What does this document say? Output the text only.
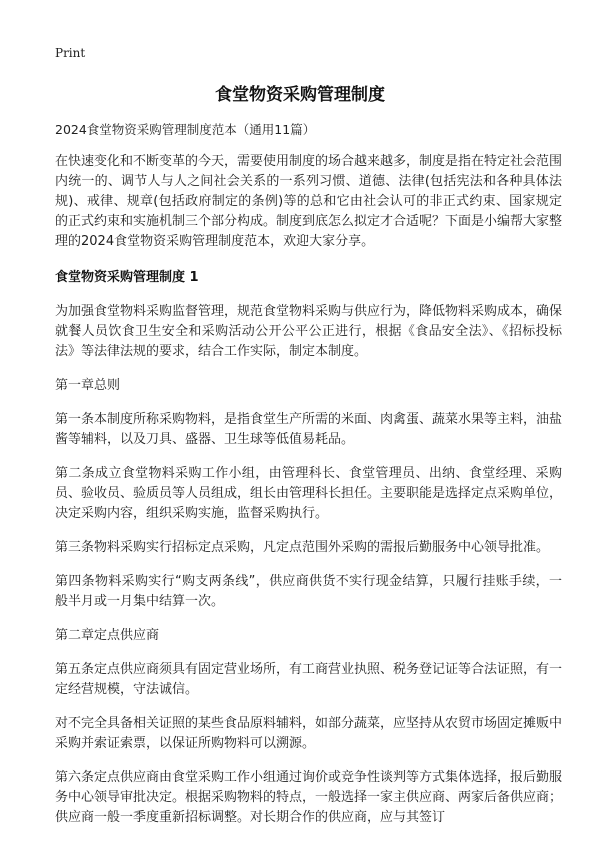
Print
食堂物资采购管理制度
2024食堂物资采购管理制度范本（通用11篇）

在快速变化和不断变革的今天，需要使用制度的场合越来越多，制度是指在特定社会范围内统一的、调节人与人之间社会关系的一系列习惯、道德、法律(包括宪法和各种具体法规)、戒律、规章(包括政府制定的条例)等的总和它由社会认可的非正式约束、国家规定的正式约束和实施机制三个部分构成。制度到底怎么拟定才合适呢？下面是小编帮大家整理的2024食堂物资采购管理制度范本，欢迎大家分享。

食堂物资采购管理制度 1

为加强食堂物料采购监督管理，规范食堂物料采购与供应行为，降低物料采购成本，确保就餐人员饮食卫生安全和采购活动公开公平公正进行，根据《食品安全法》、《招标投标法》等法律法规的要求，结合工作实际，制定本制度。

第一章总则

第一条本制度所称采购物料，是指食堂生产所需的米面、肉禽蛋、蔬菜水果等主料，油盐酱等辅料，以及刀具、盛器、卫生球等低值易耗品。

第二条成立食堂物料采购工作小组，由管理科长、食堂管理员、出纳、食堂经理、采购员、验收员、验质员等人员组成，组长由管理科长担任。主要职能是选择定点采购单位，决定采购内容，组织采购实施，监督采购执行。

第三条物料采购实行招标定点采购，凡定点范围外采购的需报后勤服务中心领导批准。

第四条物料采购实行“购支两条线”，供应商供货不实行现金结算，只履行挂账手续，一般半月或一月集中结算一次。

第二章定点供应商

第五条定点供应商须具有固定营业场所，有工商营业执照、税务登记证等合法证照，有一定经营规模，守法诚信。

对不完全具备相关证照的某些食品原料辅料，如部分蔬菜，应坚持从农贸市场固定摊贩中采购并索证索票，以保证所购物料可以溯源。

第六条定点供应商由食堂采购工作小组通过询价或竞争性谈判等方式集体选择，报后勤服务中心领导审批决定。根据采购物料的特点，一般选择一家主供应商、两家后备供应商；供应商一般一季度重新招标调整。对长期合作的供应商，应与其签订
